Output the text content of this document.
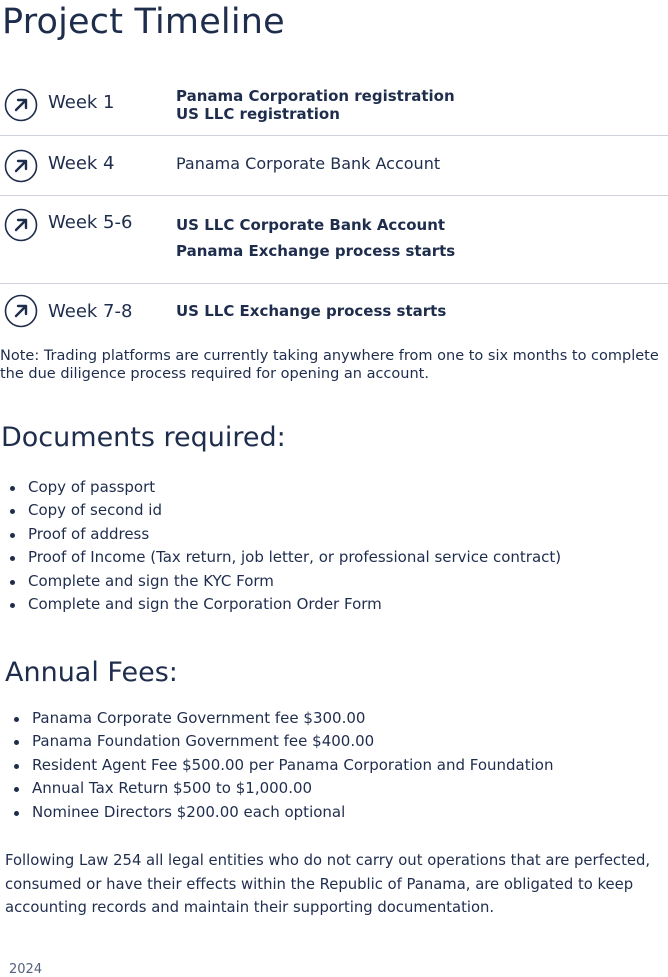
Project Timeline
Week 1	Panama Corporation registration
US LLC registration
Week 4	Panama Corporate Bank Account
Week 5-6	US LLC Corporate Bank Account
Panama Exchange process starts
Week 7-8	US LLC Exchange process starts

Note: Trading platforms are currently taking anywhere from one to six months to complete the due diligence process required for opening an account.

Documents required:
Copy of passport
Copy of second id
Proof of address
Proof of Income (Tax return, job letter, or professional service contract)
Complete and sign the KYC Form
Complete and sign the Corporation Order Form
Annual Fees:
Panama Corporate Government fee $300.00
Panama Foundation Government fee $400.00
Resident Agent Fee $500.00 per Panama Corporation and Foundation
Annual Tax Return $500 to $1,000.00
Nominee Directors $200.00 each optional

Following Law 254 all legal entities who do not carry out operations that are perfected, consumed or have their effects within the Republic of Panama, are obligated to keep accounting records and maintain their supporting documentation.

2024
